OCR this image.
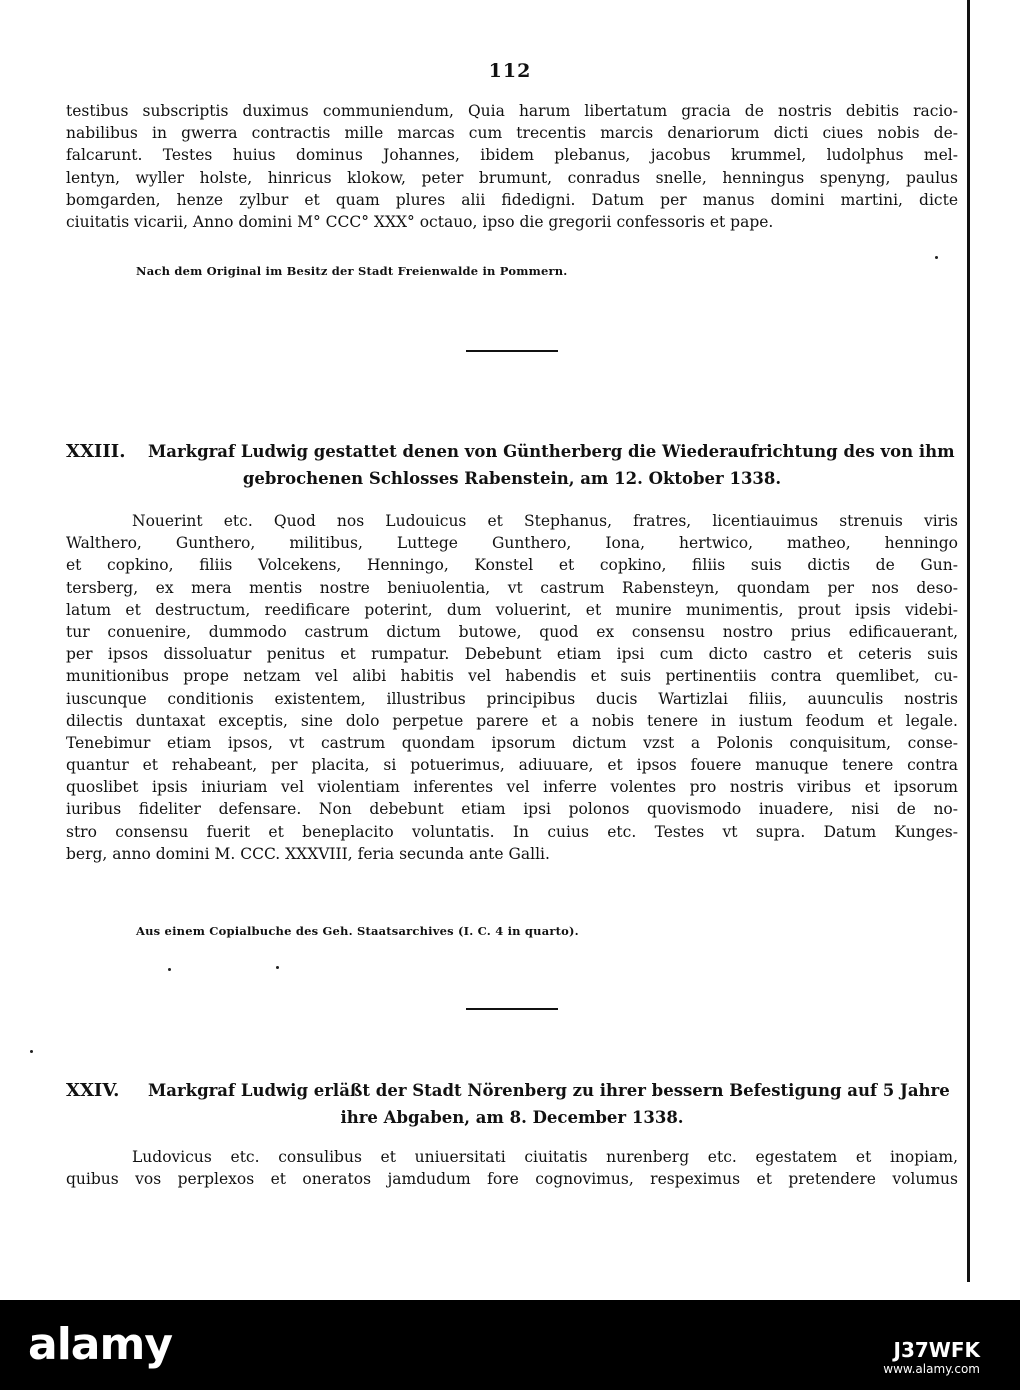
112
testibus subscriptis duximus communiendum, Quia harum libertatum gracia de nostris debitis racio-
nabilibus in gwerra contractis mille marcas cum trecentis marcis denariorum dicti ciues nobis de-
falcarunt. Testes huius dominus Johannes, ibidem plebanus, jacobus krummel, ludolphus mel-
lentyn, wyller holste, hinricus klokow, peter brumunt, conradus snelle, henningus spenyng, paulus
bomgarden, henze zylbur et quam plures alii fidedigni. Datum per manus domini martini, dicte
ciuitatis vicarii, Anno domini M° CCC° XXX° octauo, ipso die gregorii confessoris et pape.
Nach dem Original im Besitz der Stadt Freienwalde in Pommern.
XXIII. Markgraf Ludwig gestattet denen von Güntherberg die Wiederaufrichtung des von ihm
gebrochenen Schlosses Rabenstein, am 12. Oktober 1338.
Nouerint etc. Quod nos Ludouicus et Stephanus, fratres, licentiauimus strenuis viris
Walthero, Gunthero, militibus, Luttege Gunthero, Iona, hertwico, matheo, henningo
et copkino, filiis Volcekens, Henningo, Konstel et copkino, filiis suis dictis de Gun-
tersberg, ex mera mentis nostre beniuolentia, vt castrum Rabensteyn, quondam per nos deso-
latum et destructum, reedificare poterint, dum voluerint, et munire munimentis, prout ipsis videbi-
tur conuenire, dummodo castrum dictum butowe, quod ex consensu nostro prius edificauerant,
per ipsos dissoluatur penitus et rumpatur. Debebunt etiam ipsi cum dicto castro et ceteris suis
munitionibus prope netzam vel alibi habitis vel habendis et suis pertinentiis contra quemlibet, cu-
iuscunque conditionis existentem, illustribus principibus ducis Wartizlai filiis, auunculis nostris
dilectis duntaxat exceptis, sine dolo perpetue parere et a nobis tenere in iustum feodum et legale.
Tenebimur etiam ipsos, vt castrum quondam ipsorum dictum vzst a Polonis conquisitum, conse-
quantur et rehabeant, per placita, si potuerimus, adiuuare, et ipsos fouere manuque tenere contra
quoslibet ipsis iniuriam vel violentiam inferentes vel inferre volentes pro nostris viribus et ipsorum
iuribus fideliter defensare. Non debebunt etiam ipsi polonos quovismodo inuadere, nisi de no-
stro consensu fuerit et beneplacito voluntatis. In cuius etc. Testes vt supra. Datum Kunges-
berg, anno domini M. CCC. XXXVIII, feria secunda ante Galli.
Aus einem Copialbuche des Geh. Staatsarchives (I. C. 4 in quarto).
XXIV. Markgraf Ludwig erläßt der Stadt Nörenberg zu ihrer bessern Befestigung auf 5 Jahre
ihre Abgaben, am 8. December 1338.
Ludovicus etc. consulibus et uniuersitati ciuitatis nurenberg etc. egestatem et inopiam,
quibus vos perplexos et oneratos jamdudum fore cognovimus, respeximus et pretendere volumus
alamy	J37WFK
www.alamy.com
